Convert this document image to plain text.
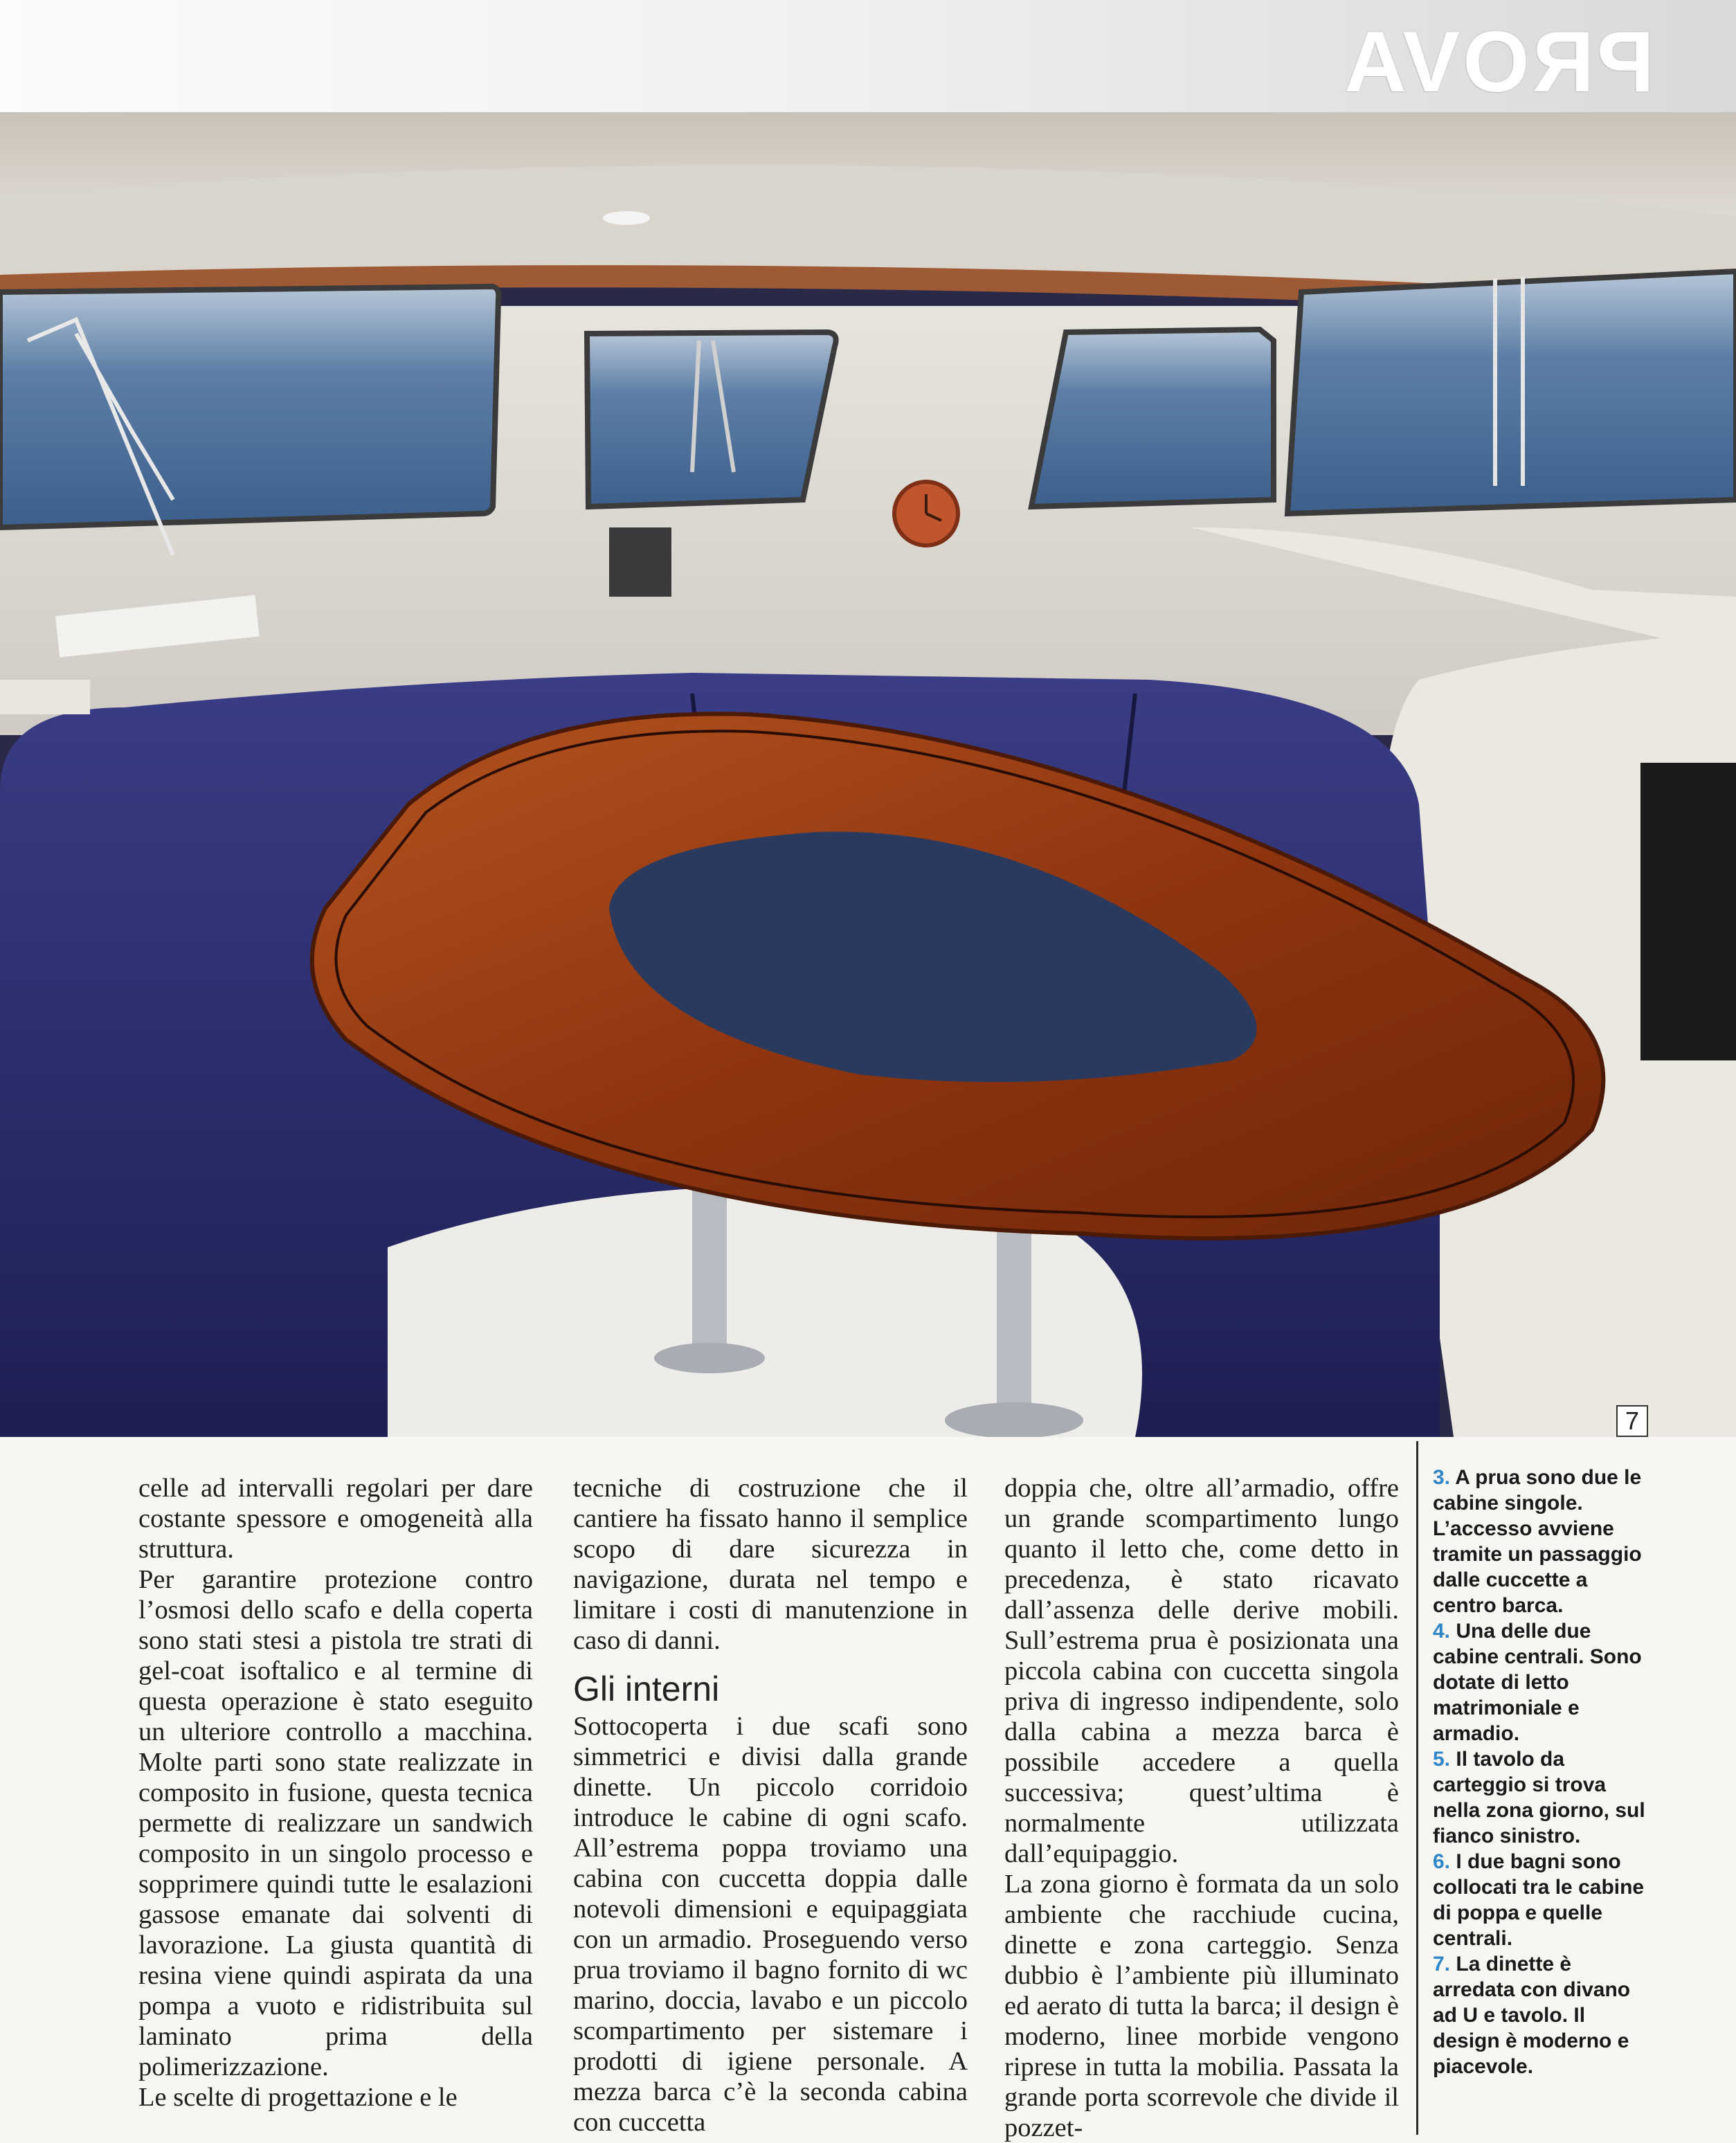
PROVA
7

celle ad intervalli regolari per dare costante spessore e omogeneità alla struttura.

Per garantire protezione contro l’osmosi dello scafo e della coperta sono stati stesi a pistola tre strati di gel-coat isoftalico e al termine di questa operazione è stato eseguito un ulteriore controllo a macchina. Molte parti sono state realizzate in composito in fusione, questa tecnica permette di realizzare un sandwich composito in un singolo processo e sopprimere quindi tutte le esalazioni gassose emanate dai solventi di lavorazione. La giusta quantità di resina viene quindi aspirata da una pompa a vuoto e ridistribuita sul laminato prima della polimerizzazione.

Le scelte di progettazione e le

tecniche di costruzione che il cantiere ha fissato hanno il semplice scopo di dare sicurezza in navigazione, durata nel tempo e limitare i costi di manutenzione in caso di danni.

Gli interni

Sottocoperta i due scafi sono simmetrici e divisi dalla grande dinette. Un piccolo corridoio introduce le cabine di ogni scafo. All’estrema poppa troviamo una cabina con cuccetta doppia dalle notevoli dimensioni e equipaggiata con un armadio. Proseguendo verso prua troviamo il bagno fornito di wc marino, doccia, lavabo e un piccolo scompartimento per sistemare i prodotti di igiene personale. A mezza barca c’è la seconda cabina con cuccetta

doppia che, oltre all’armadio, offre un grande scompartimento lungo quanto il letto che, come detto in precedenza, è stato ricavato dall’assenza delle derive mobili. Sull’estrema prua è posizionata una piccola cabina con cuccetta singola priva di ingresso indipendente, solo dalla cabina a mezza barca è possibile accedere a quella successiva; quest’ultima è normalmente utilizzata dall’equipaggio.

La zona giorno è formata da un solo ambiente che racchiude cucina, dinette e zona carteggio. Senza dubbio è l’ambiente più illuminato ed aerato di tutta la barca; il design è moderno, linee morbide vengono riprese in tutta la mobilia. Passata la grande porta scorrevole che divide il pozzet-

3. A prua sono due le cabine singole. L’accesso avviene tramite un passaggio dalle cuccette a centro barca.

4. Una delle due cabine centrali. Sono dotate di letto matrimoniale e armadio.

5. Il tavolo da carteggio si trova nella zona giorno, sul fianco sinistro.

6. I due bagni sono collocati tra le cabine di poppa e quelle centrali.

7. La dinette è arredata con divano ad U e tavolo. Il design è moderno e piacevole.
